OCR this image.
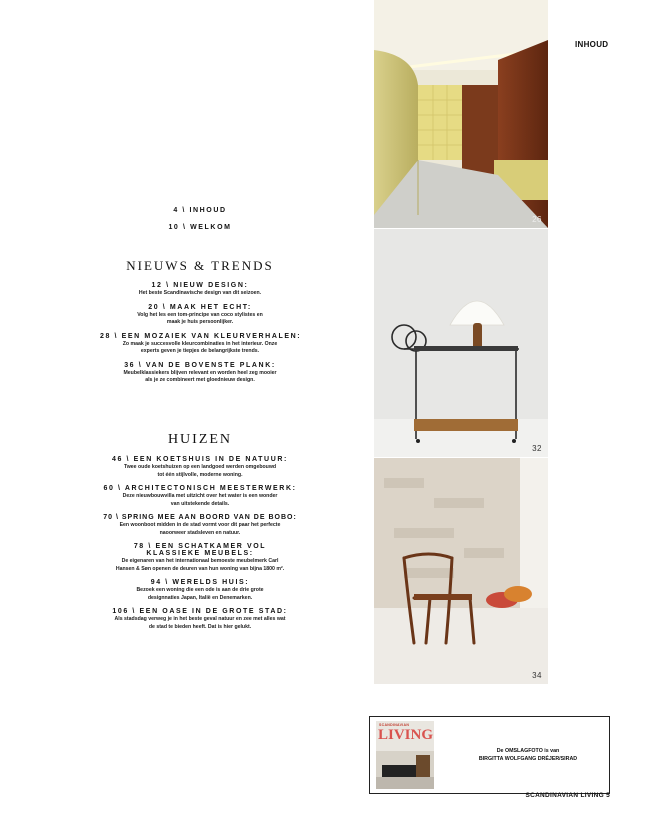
INHOUD
26
32
34
4 \ INHOUD
10 \ WELKOM
NIEUWS & TRENDS
12 \ NIEUW DESIGN:
Het beste Scandinavische design van dit seizoen.
20 \ MAAK HET ECHT:
Volg het les een tom-principe van coco stylistes en maak je huis persoonlijker.
28 \ EEN MOZAIEK VAN KLEURVERHALEN:
Zo maak je succesvolle kleurcombinaties in het interieur. Onze experts geven je tiepjes de belangrijkste trends.
36 \ VAN DE BOVENSTE PLANK:
Meubelklassiekers blijven relevant en worden heel zeg mooier als je ze combineert met gloednieuw design.
HUIZEN
46 \ EEN KOETSHUIS IN DE NATUUR:
Twee oude koetshuizen op een landgoed werden omgebouwd tot één stijlvolle, moderne woning.
60 \ ARCHITECTONISCH MEESTERWERK:
Deze nieuwbouwvilla met uitzicht over het water is een wonder van uitstekende details.
70 \ SPRING MEE AAN BOORD VAN DE BOBO:
Een woonboot midden in de stad vormt voor dit paar het perfecte naoorweer stadsleven en natuur.
78 \ EEN SCHATKAMER VOL KLASSIEKE MEUBELS:
De eigenaren van het internationaal bemoeste meubelmerk Carl Hansen & Søn openen de deuren van hun woning van bijna 1800 m².
94 \ WERELDS HUIS:
Bezoek een woning die een ode is aan de drie grote designnaties Japan, Italië en Denemarken.
106 \ EEN OASE IN DE GROTE STAD:
Als stadsdag verweg je in het beste geval natuur en zee met alles wat de stad te bieden heeft. Dat is hier gelukt.
SCANDINAVIAN
LIVING
De OMSLAGFOTO is van
BIRGITTA WOLFGANG DRÉJER/SIRAD
SCANDINAVIAN LIVING 5
